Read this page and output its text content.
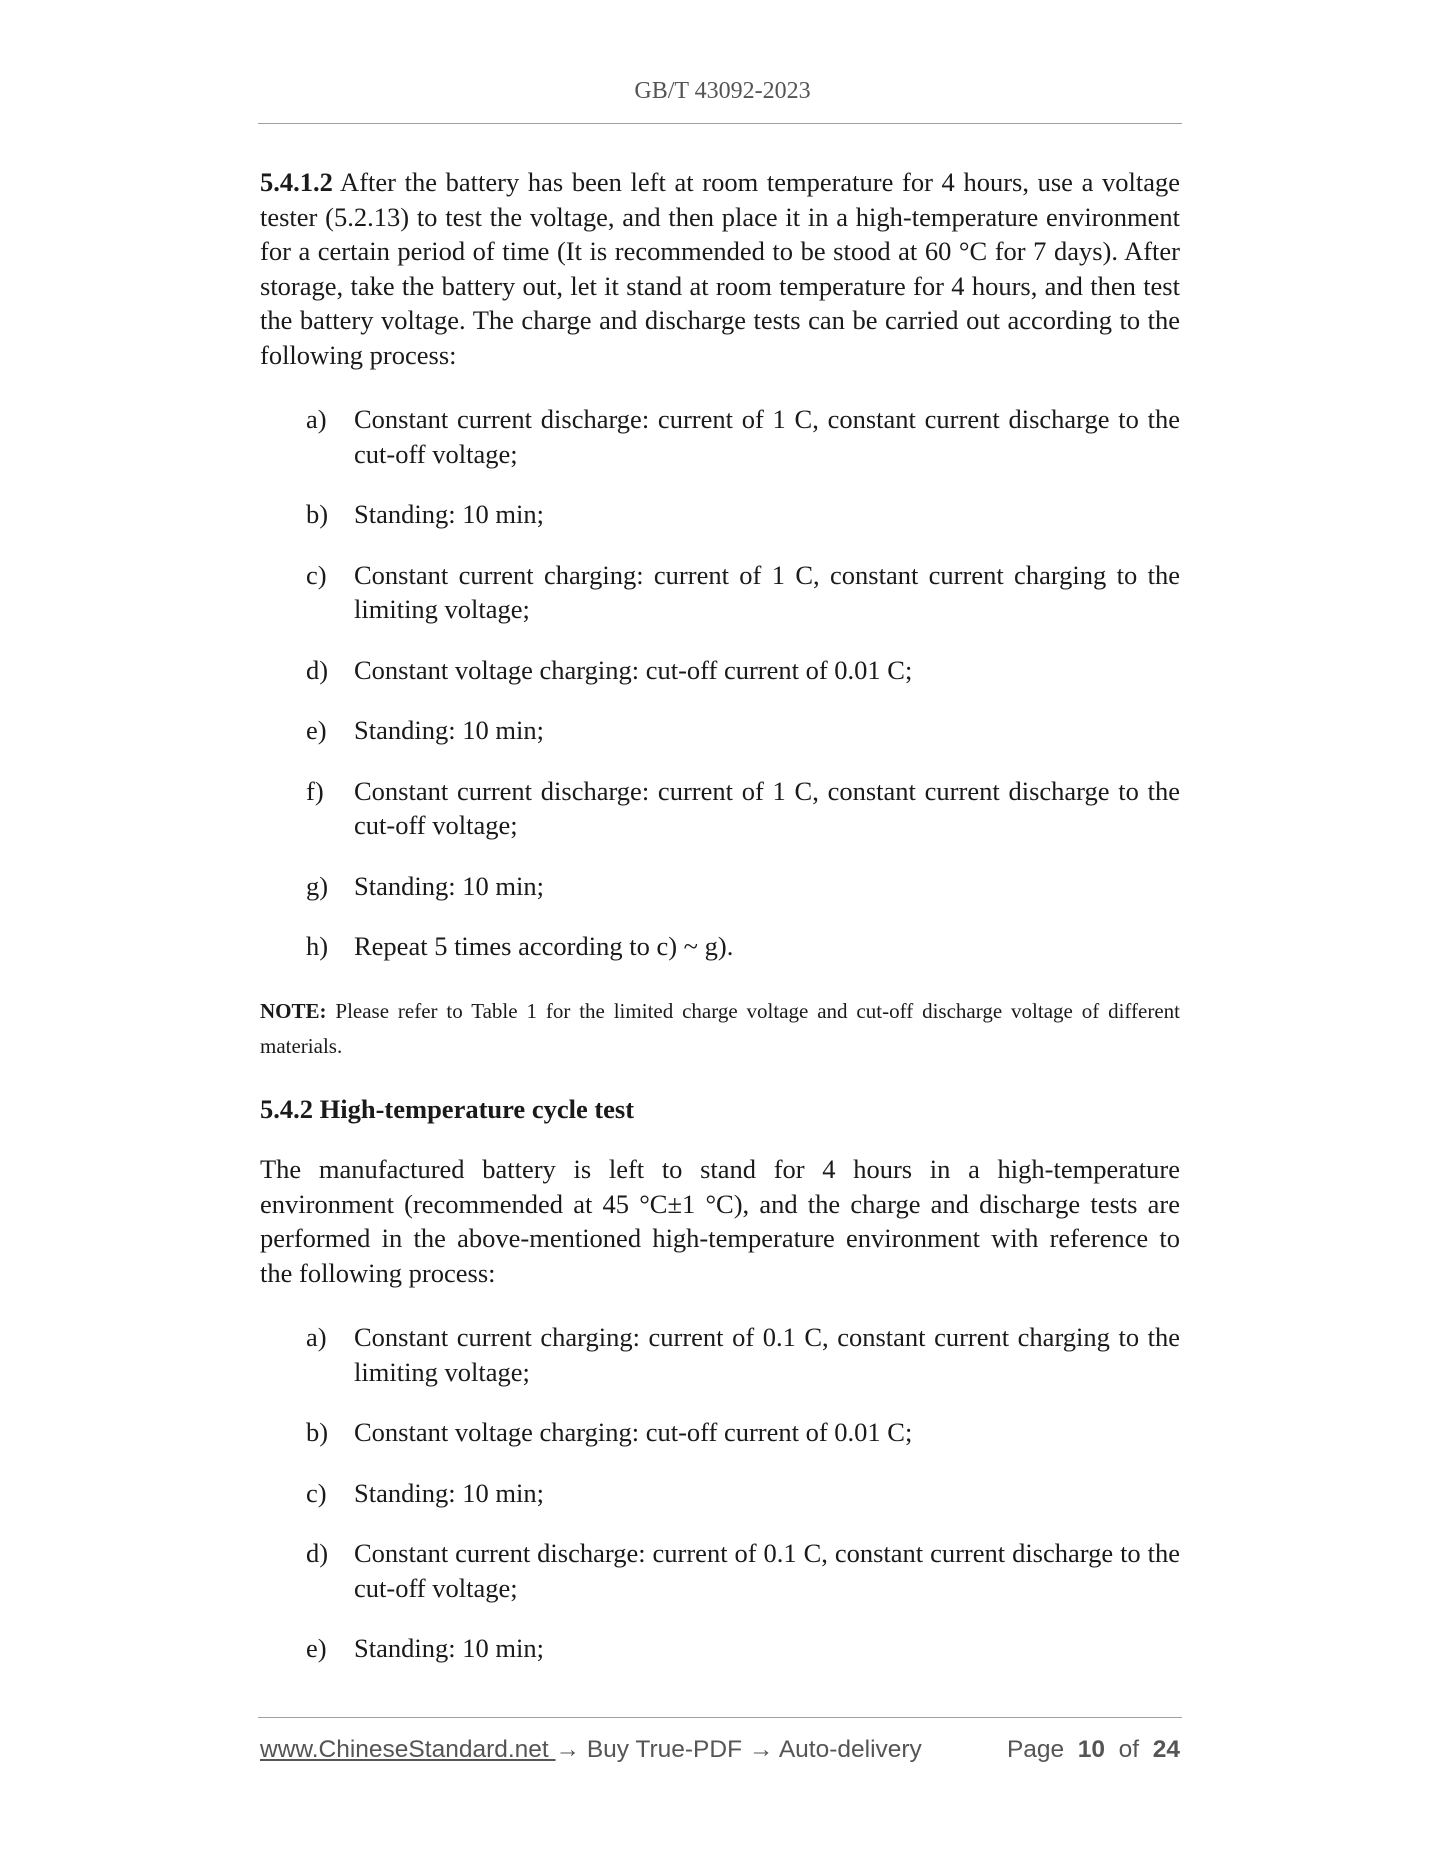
GB/T 43092-2023

5.4.1.2 After the battery has been left at room temperature for 4 hours, use a voltage tester (5.2.13) to test the voltage, and then place it in a high-temperature environment for a certain period of time (It is recommended to be stood at 60 °C for 7 days). After storage, take the battery out, let it stand at room temperature for 4 hours, and then test the battery voltage. The charge and discharge tests can be carried out according to the following process:

a)	Constant current discharge: current of 1 C, constant current discharge to the cut-off voltage;
b) Standing: 10 min;
c)	Constant current charging: current of 1 C, constant current charging to the limiting voltage;
d) Constant voltage charging: cut-off current of 0.01 C;
e)	Standing: 10 min;
f)	Constant current discharge: current of 1 C, constant current discharge to the cut-off voltage;
g) Standing: 10 min;
h) Repeat 5 times according to c) ~ g).
NOTE: Please refer to Table 1 for the limited charge voltage and cut-off discharge voltage of different materials.
5.4.2 High-temperature cycle test

The manufactured battery is left to stand for 4 hours in a high-temperature environment (recommended at 45 °C±1 °C), and the charge and discharge tests are performed in the above-mentioned high-temperature environment with reference to the following process:

a)	Constant current charging: current of 0.1 C, constant current charging to the limiting voltage;
b) Constant voltage charging: cut-off current of 0.01 C;
c)	Standing: 10 min;
d) Constant current discharge: current of 0.1 C, constant current discharge to the cut-off voltage;
e)	Standing: 10 min;
www.ChineseStandard.net → Buy True-PDF → Auto-delivery	Page 10 of 24
